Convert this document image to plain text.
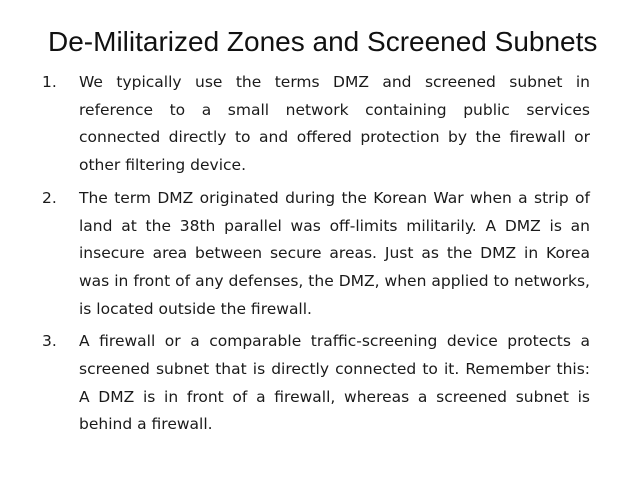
De-Militarized Zones and Screened Subnets
1. We typically use the terms DMZ and screened subnet in reference to a small network containing public services connected directly to and offered protection by the firewall or other filtering device.
2. The term DMZ originated during the Korean War when a strip of land at the 38th parallel was off-limits militarily. A DMZ is an insecure area between secure areas. Just as the DMZ in Korea was in front of any defenses, the DMZ, when applied to networks, is located outside the firewall.
3. A firewall or a comparable traffic-screening device protects a screened subnet that is directly connected to it. Remember this: A DMZ is in front of a firewall, whereas a screened subnet is behind a firewall.
